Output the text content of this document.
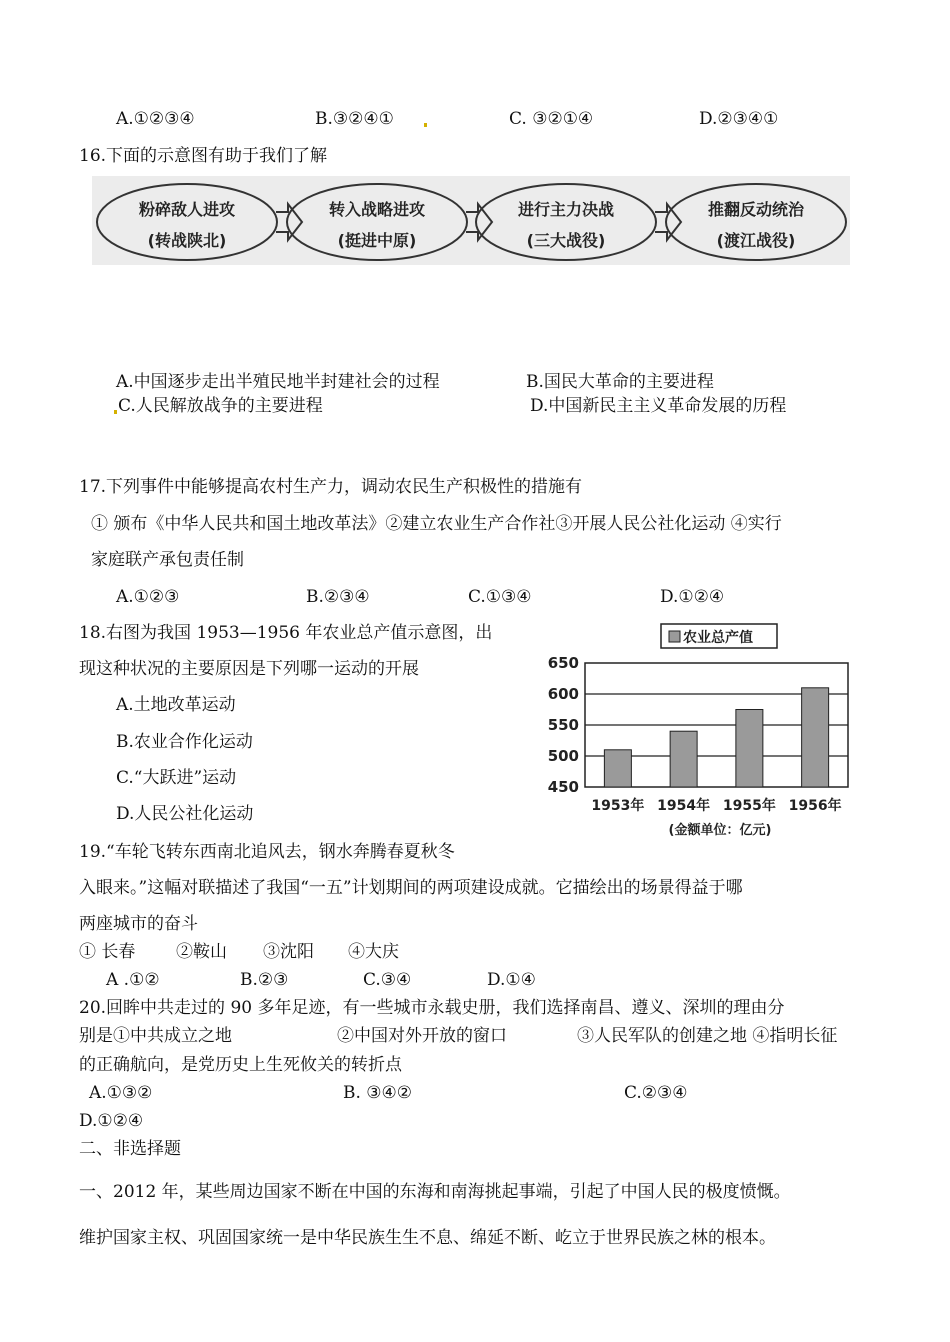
A.①②③④	B.③②④①	C. ③②①④	D.②③④①
16.下面的示意图有助于我们了解
粉碎敌人进攻
(转战陕北)
转入战略进攻
(挺进中原)
进行主力决战
(三大战役)
推翻反动统治
(渡江战役)
A.中国逐步走出半殖民地半封建社会的过程	B.国民大革命的主要进程
C.人民解放战争的主要进程	D.中国新民主主义革命发展的历程
17.下列事件中能够提高农村生产力，调动农民生产积极性的措施有
① 颁布《中华人民共和国土地改革法》②建立农业生产合作社③开展人民公社化运动 ④实行
家庭联产承包责任制
A.①②③	B.②③④	C.①③④	D.①②④
18.右图为我国 1953—1956 年农业总产值示意图，出
现这种状况的主要原因是下列哪一运动的开展
A.土地改革运动
B.农业合作化运动
C.“大跃进”运动
D.人民公社化运动
农业总产值
650
600
550
500
450
1953年 1954年 1955年 1956年
(金额单位：亿元)
19.“车轮飞转东西南北追风去，钢水奔腾春夏秋冬
入眼来。”这幅对联描述了我国“一五”计划期间的两项建设成就。它描绘出的场景得益于哪
两座城市的奋斗
① 长春 ②鞍山 ③沈阳 ④大庆
A .①②	B.②③	C.③④	D.①④
20.回眸中共走过的 90 多年足迹，有一些城市永载史册，我们选择南昌、遵义、深圳的理由分
别是①中共成立之地	②中国对外开放的窗口	③人民军队的创建之地 ④指明长征
的正确航向，是党历史上生死攸关的转折点
A.①③②	B. ③④②	C.②③④
D.①②④
二、非选择题
一、2012 年，某些周边国家不断在中国的东海和南海挑起事端，引起了中国人民的极度愤慨。
维护国家主权、巩固国家统一是中华民族生生不息、绵延不断、屹立于世界民族之林的根本。
